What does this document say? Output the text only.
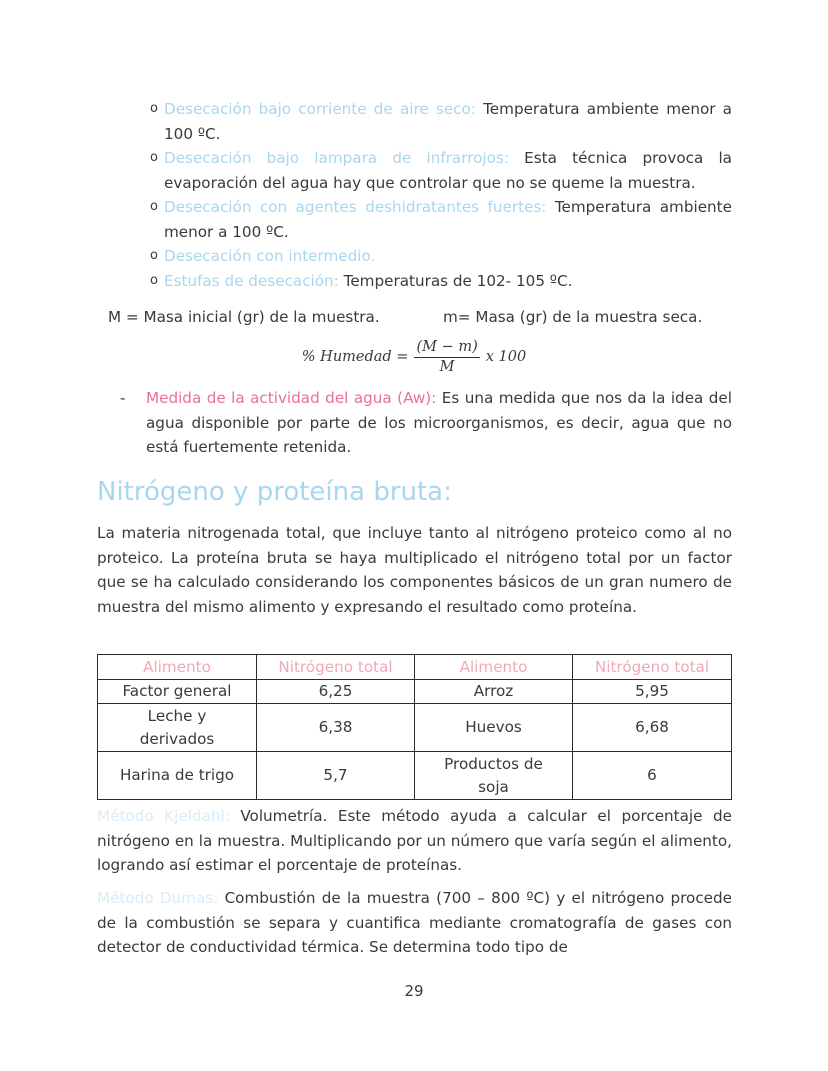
o Desecación bajo corriente de aire seco: Temperatura ambiente menor a 100 ºC.
o Desecación bajo lampara de infrarrojos: Esta técnica provoca la evaporación del agua hay que controlar que no se queme la muestra.
o Desecación con agentes deshidratantes fuertes: Temperatura ambiente menor a 100 ºC.
o Desecación con intermedio.
o Estufas de desecación: Temperaturas de 102- 105 ºC.
M = Masa inicial (gr) de la muestra.	m= Masa (gr) de la muestra seca.
% Humedad = $\frac{(M - m)}{M}$ x 100
- Medida de la actividad del agua (Aw): Es una medida que nos da la idea del agua disponible por parte de los microorganismos, es decir, agua que no está fuertemente retenida.
Nitrógeno y proteína bruta:

La materia nitrogenada total, que incluye tanto al nitrógeno proteico como al no proteico. La proteína bruta se haya multiplicado el nitrógeno total por un factor que se ha calculado considerando los componentes básicos de un gran numero de muestra del mismo alimento y expresando el resultado como proteína.

Alimento	Nitrógeno total	Alimento	Nitrógeno total
Factor general	6,25	Arroz	5,95
Leche y derivados	6,38	Huevos	6,68
Harina de trigo	5,7	Productos de soja	6

Método Kjeldahl: Volumetría. Este método ayuda a calcular el porcentaje de nitrógeno en la muestra. Multiplicando por un número que varía según el alimento, logrando así estimar el porcentaje de proteínas.

Método Dumas: Combustión de la muestra (700 – 800 ºC) y el nitrógeno procede de la combustión se separa y cuantifica mediante cromatografía de gases con detector de conductividad térmica. Se determina todo tipo de

29
